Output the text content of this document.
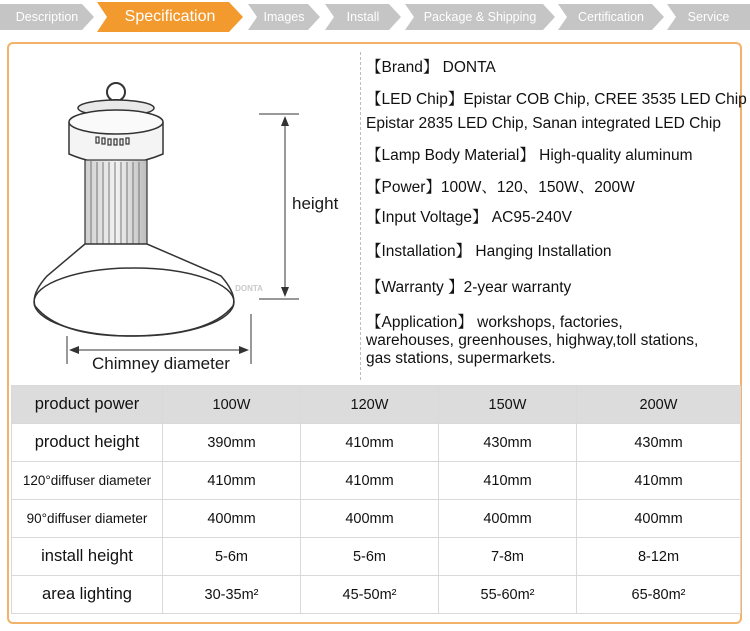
Description	Specification	Images	Install	Package & Shipping	Certification	Service
DONTA
height
Chimney diameter
【Brand】 DONTA
【LED Chip】Epistar COB Chip, CREE 3535 LED Chip
Epistar 2835 LED Chip, Sanan integrated LED Chip
【Lamp Body Material】 High-quality aluminum
【Power】100W、120、150W、200W
【Input Voltage】 AC95-240V
【Installation】 Hanging Installation
【Warranty 】2-year warranty
【Application】 workshops, factories,
warehouses, greenhouses, highway,toll stations,
gas stations, supermarkets.
product power	100W	120W	150W	200W
product height	390mm	410mm	430mm	430mm
120°diffuser diameter	410mm	410mm	410mm	410mm
90°diffuser diameter	400mm	400mm	400mm	400mm
install height	5-6m	5-6m	7-8m	8-12m
area lighting	30-35m²	45-50m²	55-60m²	65-80m²
